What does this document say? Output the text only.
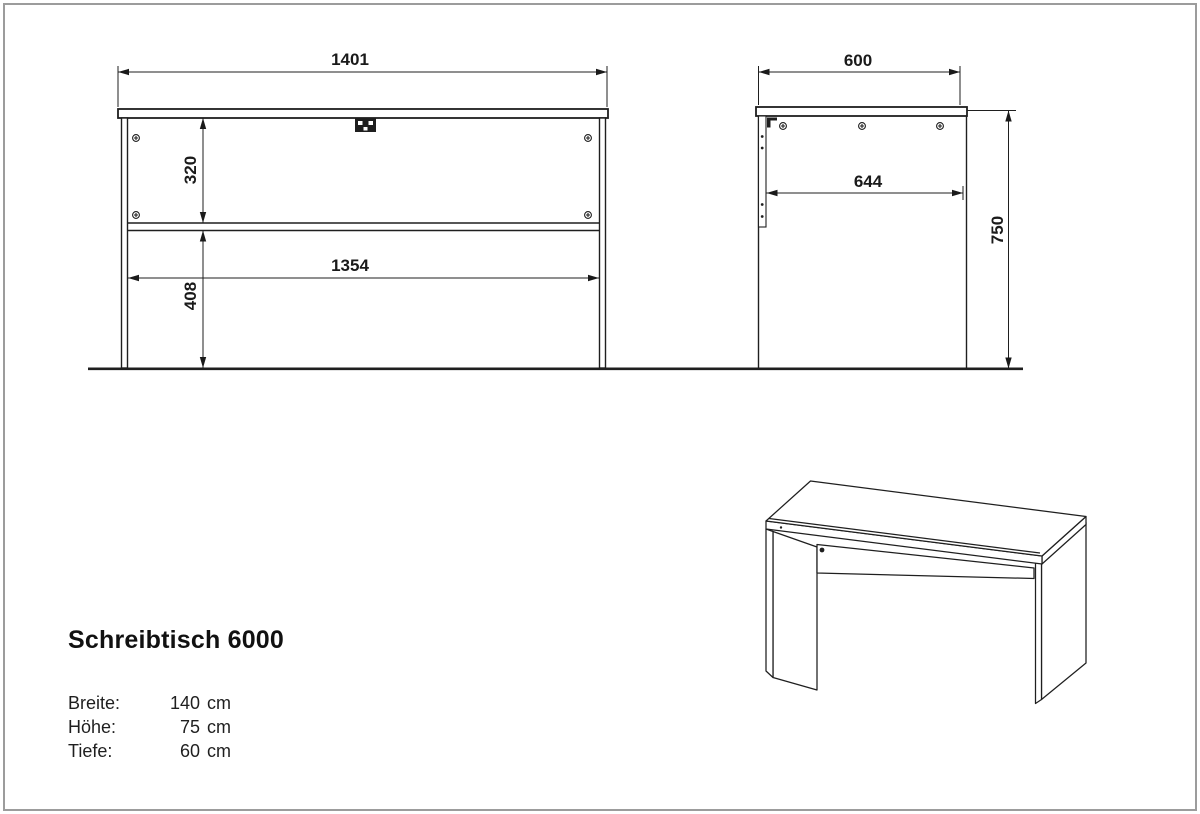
1401
320
1354
408
600
644
750
Schreibtisch 6000
Breite:	140 cm
Höhe:	75 cm
Tiefe:	60 cm
